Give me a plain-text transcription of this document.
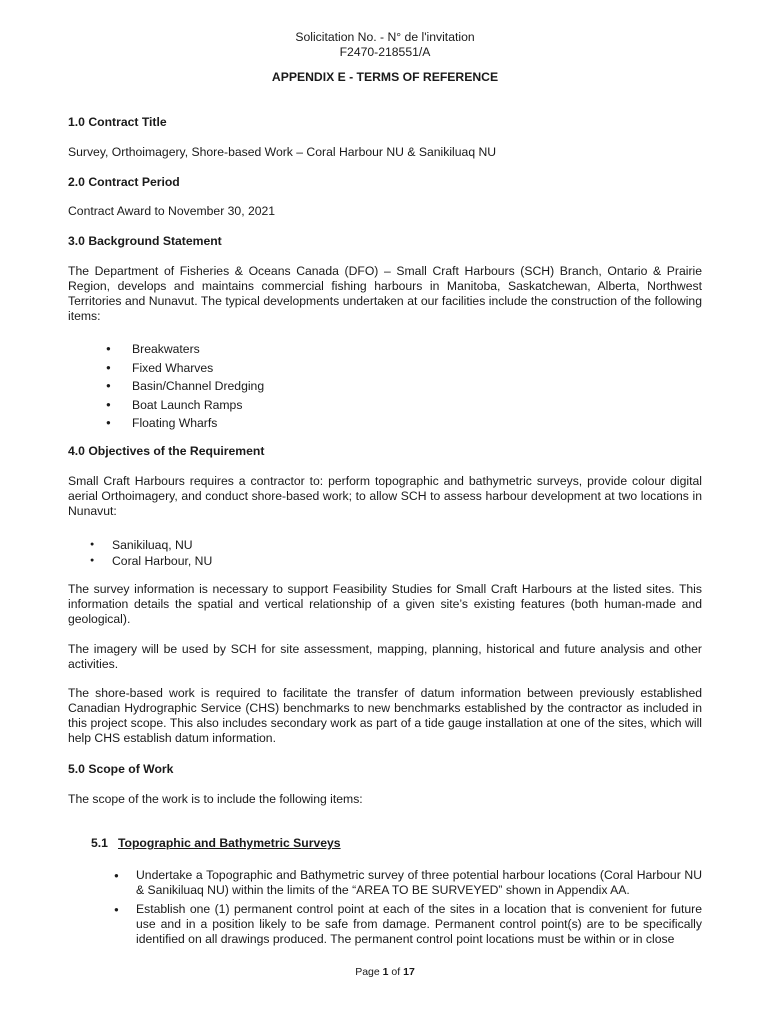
Solicitation No. - N° de l'invitation
F2470-218551/A
APPENDIX E - TERMS OF REFERENCE
1.0 Contract Title
Survey, Orthoimagery, Shore-based Work – Coral Harbour NU & Sanikiluaq NU
2.0 Contract Period
Contract Award to November 30, 2021
3.0 Background Statement
The Department of Fisheries & Oceans Canada (DFO) – Small Craft Harbours (SCH) Branch, Ontario & Prairie Region, develops and maintains commercial fishing harbours in Manitoba, Saskatchewan, Alberta, Northwest Territories and Nunavut. The typical developments undertaken at our facilities include the construction of the following items:
● Breakwaters
● Fixed Wharves
● Basin/Channel Dredging
● Boat Launch Ramps
● Floating Wharfs
4.0 Objectives of the Requirement
Small Craft Harbours requires a contractor to: perform topographic and bathymetric surveys, provide colour digital aerial Orthoimagery, and conduct shore-based work; to allow SCH to assess harbour development at two locations in Nunavut:
● Sanikiluaq, NU
● Coral Harbour, NU
The survey information is necessary to support Feasibility Studies for Small Craft Harbours at the listed sites. This information details the spatial and vertical relationship of a given site’s existing features (both human-made and geological).
The imagery will be used by SCH for site assessment, mapping, planning, historical and future analysis and other activities.
The shore-based work is required to facilitate the transfer of datum information between previously established Canadian Hydrographic Service (CHS) benchmarks to new benchmarks established by the contractor as included in this project scope. This also includes secondary work as part of a tide gauge installation at one of the sites, which will help CHS establish datum information.
5.0 Scope of Work
The scope of the work is to include the following items:
5.1 Topographic and Bathymetric Surveys
● Undertake a Topographic and Bathymetric survey of three potential harbour locations (Coral Harbour NU & Sanikiluaq NU) within the limits of the “AREA TO BE SURVEYED” shown in Appendix AA.
● Establish one (1) permanent control point at each of the sites in a location that is convenient for future use and in a position likely to be safe from damage. Permanent control point(s) are to be specifically identified on all drawings produced. The permanent control point locations must be within or in close
Page 1 of 17
